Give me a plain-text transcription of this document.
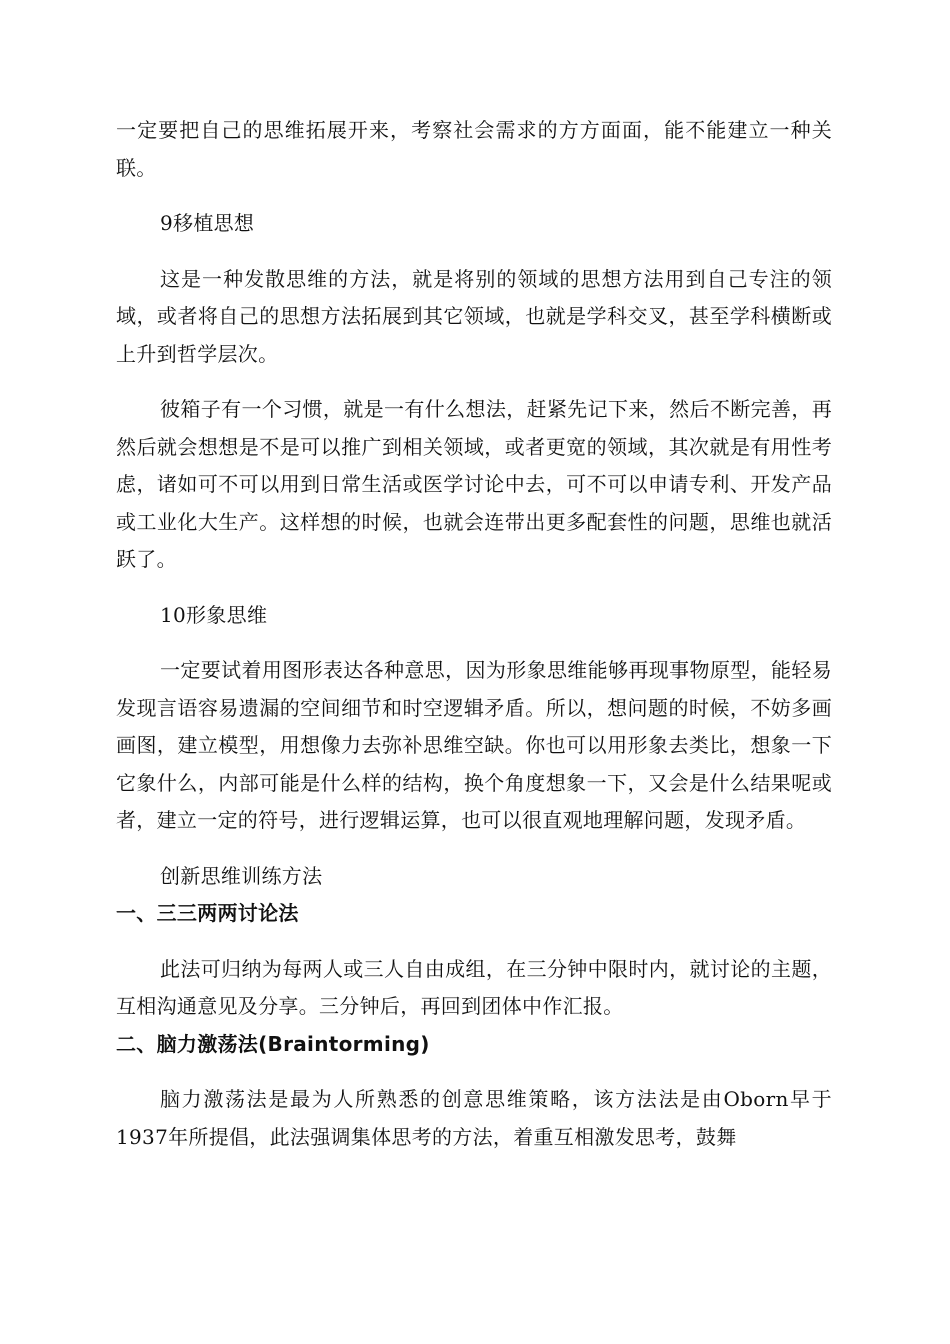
一定要把自己的思维拓展开来，考察社会需求的方方面面，能不能建立一种关联。

9移植思想

这是一种发散思维的方法，就是将别的领域的思想方法用到自己专注的领域，或者将自己的思想方法拓展到其它领域，也就是学科交叉，甚至学科横断或上升到哲学层次。

彼箱子有一个习惯，就是一有什么想法，赶紧先记下来，然后不断完善，再然后就会想想是不是可以推广到相关领域，或者更宽的领域，其次就是有用性考虑，诸如可不可以用到日常生活或医学讨论中去，可不可以申请专利、开发产品或工业化大生产。这样想的时候，也就会连带出更多配套性的问题，思维也就活跃了。

10形象思维

一定要试着用图形表达各种意思，因为形象思维能够再现事物原型，能轻易发现言语容易遗漏的空间细节和时空逻辑矛盾。所以，想问题的时候，不妨多画画图，建立模型，用想像力去弥补思维空缺。你也可以用形象去类比，想象一下它象什么，内部可能是什么样的结构，换个角度想象一下，又会是什么结果呢或者，建立一定的符号，进行逻辑运算，也可以很直观地理解问题，发现矛盾。

创新思维训练方法

一、三三两两讨论法

此法可归纳为每两人或三人自由成组，在三分钟中限时内，就讨论的主题，互相沟通意见及分享。三分钟后，再回到团体中作汇报。

二、脑力激荡法(Braintorming)

脑力激荡法是最为人所熟悉的创意思维策略，该方法法是由Oborn早于1937年所提倡，此法强调集体思考的方法，着重互相激发思考，鼓舞
